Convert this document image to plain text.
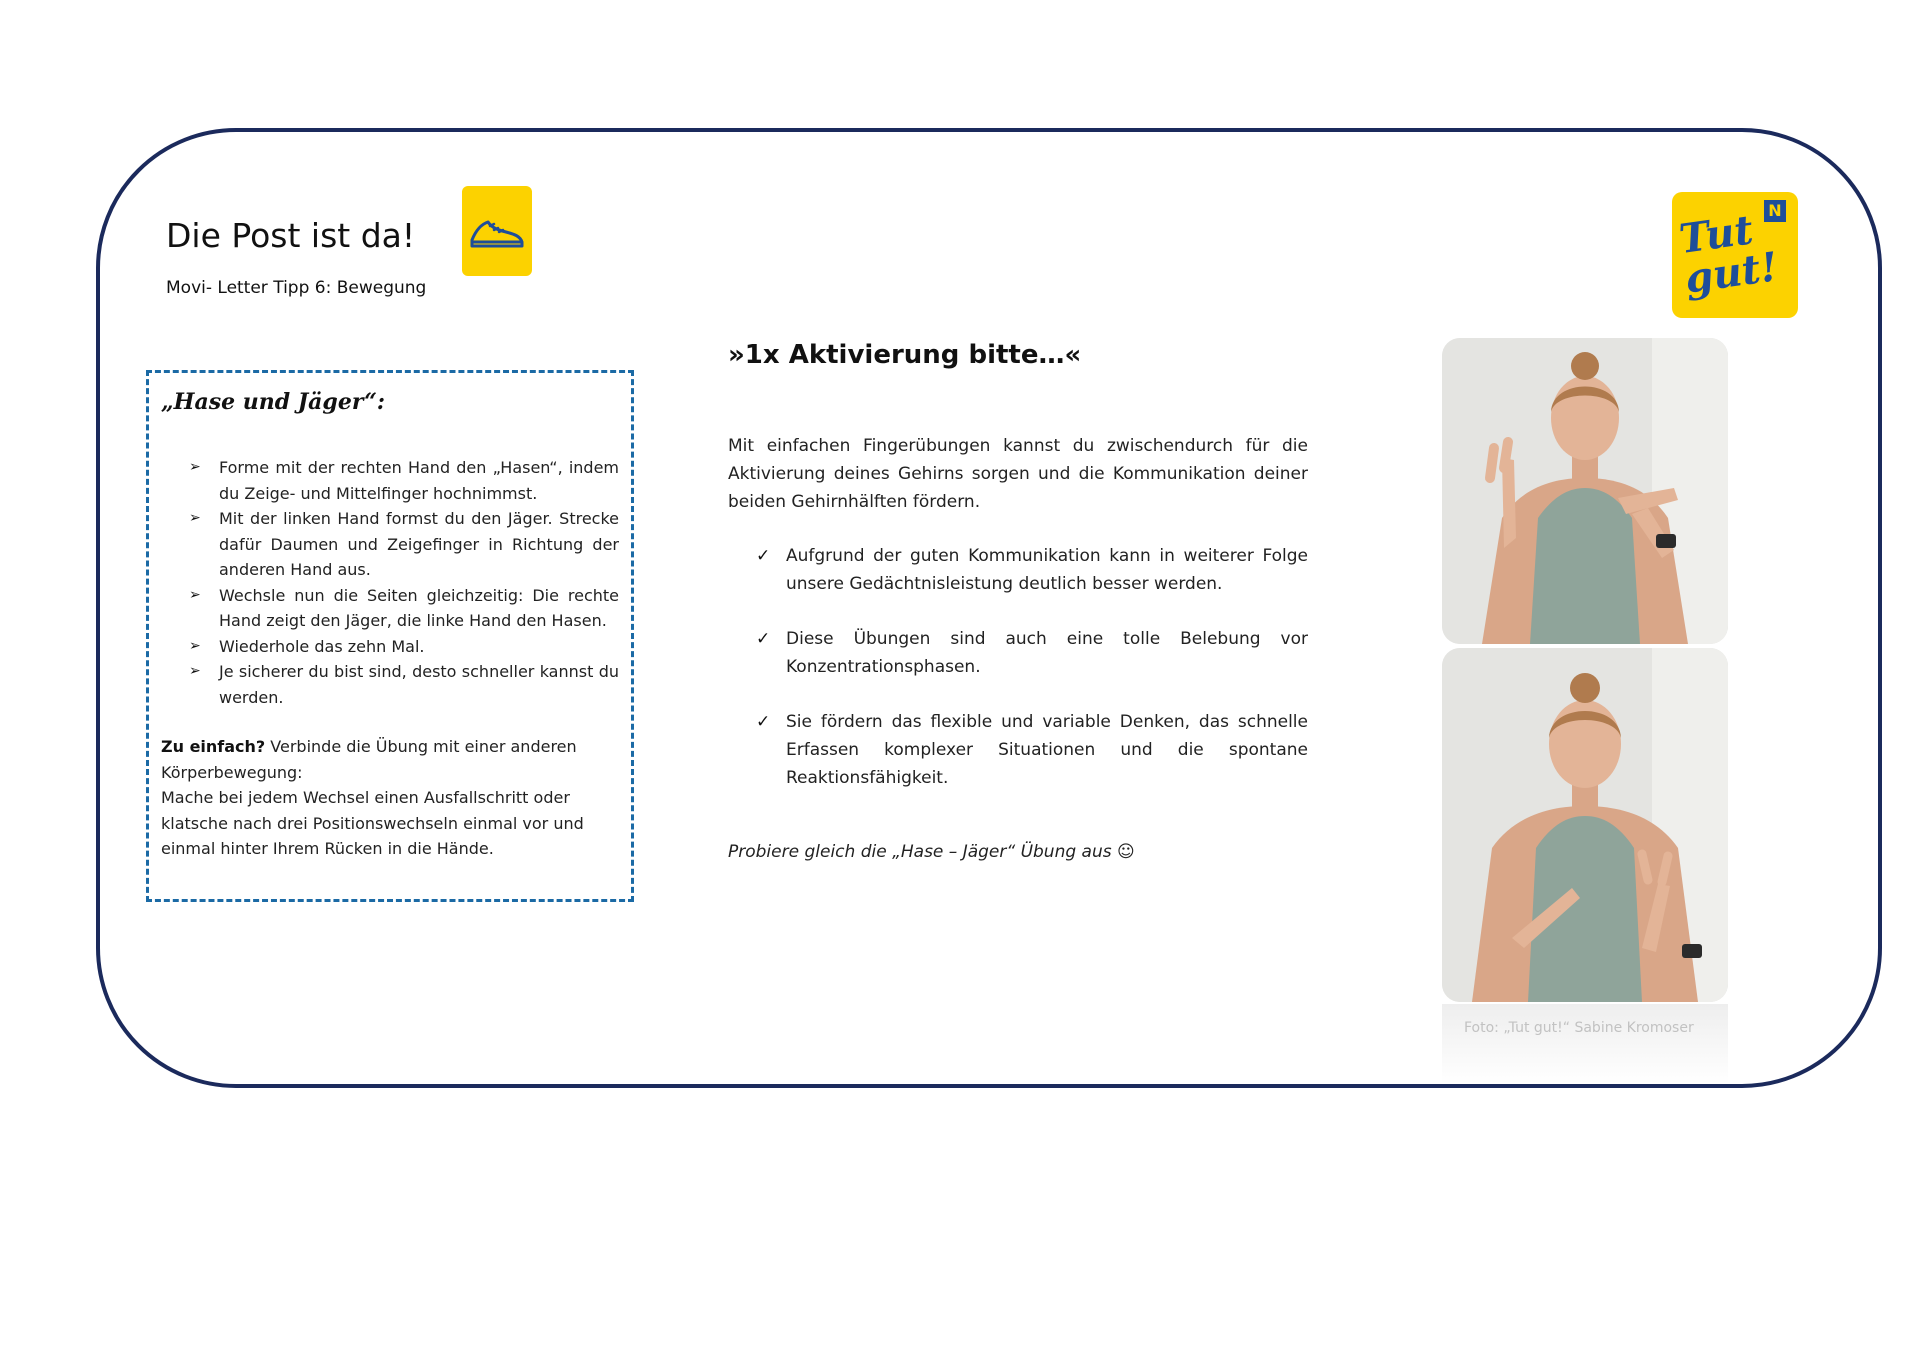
Die Post ist da!
Movi- Letter Tipp 6: Bewegung
N
Tut gut!
„Hase und Jäger“:
➢ Forme mit der rechten Hand den „Hasen“, indem du Zeige- und Mittelfinger hochnimmst.
➢ Mit der linken Hand formst du den Jäger. Strecke dafür Daumen und Zeigefinger in Richtung der anderen Hand aus.
➢ Wechsle nun die Seiten gleichzeitig: Die rechte Hand zeigt den Jäger, die linke Hand den Hasen.
➢ Wiederhole das zehn Mal.
➢ Je sicherer du bist sind, desto schneller kannst du werden.
Zu einfach? Verbinde die Übung mit einer anderen Körperbewegung:
Mache bei jedem Wechsel einen Ausfallschritt oder klatsche nach drei Positionswechseln einmal vor und einmal hinter Ihrem Rücken in die Hände.
»1x Aktivierung bitte…«

Mit einfachen Fingerübungen kannst du zwischendurch für die Aktivierung deines Gehirns sorgen und die Kommunikation deiner beiden Gehirnhälften fördern.

✓ Aufgrund der guten Kommunikation kann in weiterer Folge unsere Gedächtnisleistung deutlich besser werden.
✓ Diese Übungen sind auch eine tolle Belebung vor Konzentrationsphasen.
✓ Sie fördern das flexible und variable Denken, das schnelle Erfassen komplexer Situationen und die spontane Reaktionsfähigkeit.

Probiere gleich die „Hase – Jäger“ Übung aus ☺

Foto: „Tut gut!“ Sabine Kromoser
